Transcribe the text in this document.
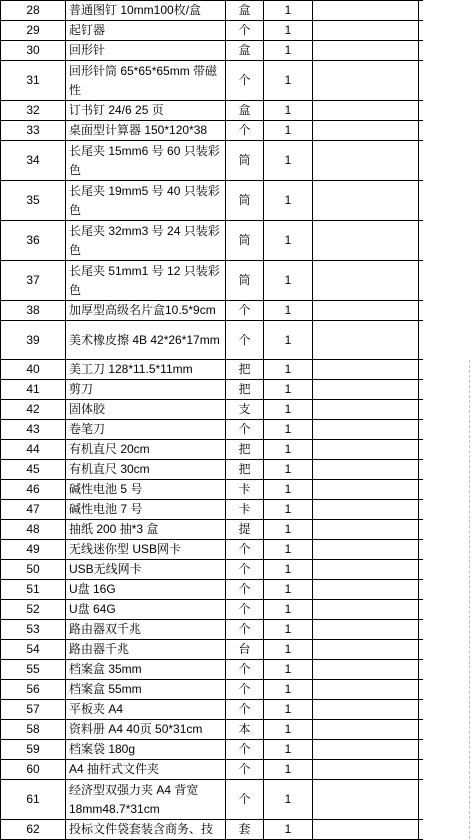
28	普通图钉 10mm100枚/盒	盒	1	
29	起钉器	个	1	
30	回形针	盒	1	
31	回形针筒 65*65*65mm 带磁性	个	1	
32	订书钉 24/6 25 页	盒	1	
33	桌面型计算器 150*120*38	个	1	
34	长尾夹 15mm6 号 60 只装彩色	筒	1	
35	长尾夹 19mm5 号 40 只装彩色	筒	1	
36	长尾夹 32mm3 号 24 只装彩色	筒	1	
37	长尾夹 51mm1 号 12 只装彩色	筒	1	
38	加厚型高级名片盒10.5*9cm	个	1	
39	美术橡皮擦 4B 42*26*17mm	个	1	
40	美工刀 128*11.5*11mm	把	1	
41	剪刀	把	1	
42	固体胶	支	1	
43	卷笔刀	个	1	
44	有机直尺 20cm	把	1	
45	有机直尺 30cm	把	1	
46	碱性电池 5 号	卡	1	
47	碱性电池 7 号	卡	1	
48	抽纸 200 抽*3 盒	提	1	
49	无线迷你型 USB网卡	个	1	
50	USB无线网卡	个	1	
51	U盘 16G	个	1	
52	U盘 64G	个	1	
53	路由器双千兆	个	1	
54	路由器千兆	台	1	
55	档案盒 35mm	个	1	
56	档案盒 55mm	个	1	
57	平板夹 A4	个	1	
58	资料册 A4 40页 50*31cm	本	1	
59	档案袋 180g	个	1	
60	A4 抽杆式文件夹	个	1	
61	经济型双强力夹 A4 背宽18mm48.7*31cm	个	1	
62	投标文件袋套装含商务、技	套	1	
